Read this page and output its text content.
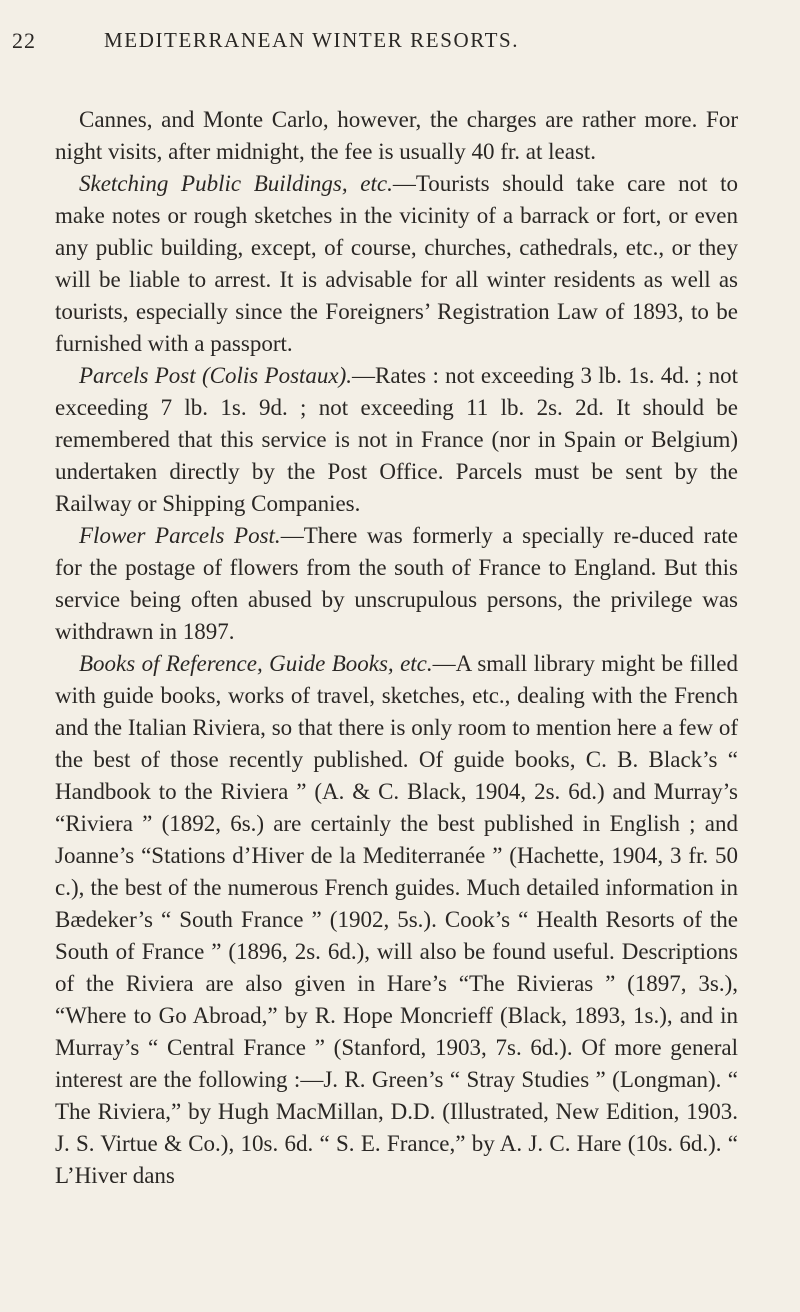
22	MEDITERRANEAN WINTER RESORTS.

Cannes, and Monte Carlo, however, the charges are rather more. For night visits, after midnight, the fee is usually 40 fr. at least.

Sketching Public Buildings, etc.—Tourists should take care not to make notes or rough sketches in the vicinity of a barrack or fort, or even any public building, except, of course, churches, cathedrals, etc., or they will be liable to arrest. It is advisable for all winter residents as well as tourists, especially since the Foreigners’ Registration Law of 1893, to be furnished with a passport.

Parcels Post (Colis Postaux).—Rates : not exceeding 3 lb. 1s. 4d. ; not exceeding 7 lb. 1s. 9d. ; not exceeding 11 lb. 2s. 2d. It should be remembered that this service is not in France (nor in Spain or Belgium) undertaken directly by the Post Office. Parcels must be sent by the Railway or Shipping Companies.

Flower Parcels Post.—There was formerly a specially re-duced rate for the postage of flowers from the south of France to England. But this service being often abused by unscrupulous persons, the privilege was withdrawn in 1897.

Books of Reference, Guide Books, etc.—A small library might be filled with guide books, works of travel, sketches, etc., dealing with the French and the Italian Riviera, so that there is only room to mention here a few of the best of those recently published. Of guide books, C. B. Black’s “ Handbook to the Riviera ” (A. & C. Black, 1904, 2s. 6d.) and Murray’s “Riviera ” (1892, 6s.) are certainly the best published in English ; and Joanne’s “Stations d’Hiver de la Mediterranée ” (Hachette, 1904, 3 fr. 50 c.), the best of the numerous French guides. Much detailed information in Bædeker’s “ South France ” (1902, 5s.). Cook’s “ Health Resorts of the South of France ” (1896, 2s. 6d.), will also be found useful. Descriptions of the Riviera are also given in Hare’s “The Rivieras ” (1897, 3s.), “Where to Go Abroad,” by R. Hope Moncrieff (Black, 1893, 1s.), and in Murray’s “ Central France ” (Stanford, 1903, 7s. 6d.). Of more general interest are the following :—J. R. Green’s “ Stray Studies ” (Longman). “ The Riviera,” by Hugh MacMillan, D.D. (Illustrated, New Edition, 1903. J. S. Virtue & Co.), 10s. 6d. “ S. E. France,” by A. J. C. Hare (10s. 6d.). “ L’Hiver dans
